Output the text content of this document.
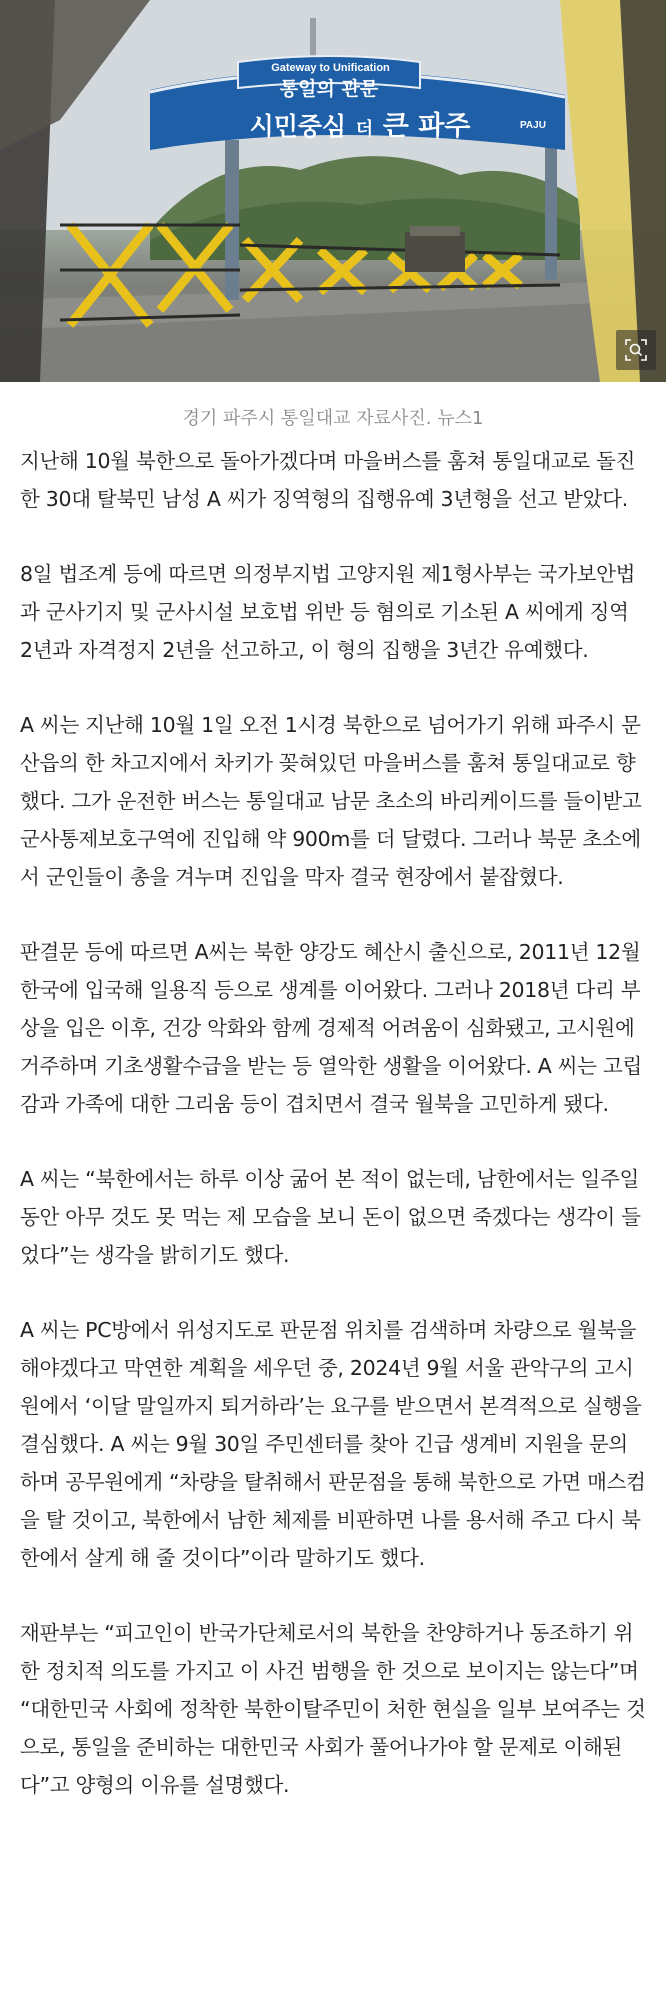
Gateway to Unification
통일의 관문
시민중심 더 큰 파주	PAJU
경기 파주시 통일대교 자료사진. 뉴스1

지난해 10월 북한으로 돌아가겠다며 마을버스를 훔쳐 통일대교로 돌진한 30대 탈북민 남성 A 씨가 징역형의 집행유예 3년형을 선고 받았다.

8일 법조계 등에 따르면 의정부지법 고양지원 제1형사부는 국가보안법과 군사기지 및 군사시설 보호법 위반 등 혐의로 기소된 A 씨에게 징역 2년과 자격정지 2년을 선고하고, 이 형의 집행을 3년간 유예했다.

A 씨는 지난해 10월 1일 오전 1시경 북한으로 넘어가기 위해 파주시 문산읍의 한 차고지에서 차키가 꽂혀있던 마을버스를 훔쳐 통일대교로 향했다. 그가 운전한 버스는 통일대교 남문 초소의 바리케이드를 들이받고 군사통제보호구역에 진입해 약 900m를 더 달렸다. 그러나 북문 초소에서 군인들이 총을 겨누며 진입을 막자 결국 현장에서 붙잡혔다.

판결문 등에 따르면 A씨는 북한 양강도 혜산시 출신으로, 2011년 12월 한국에 입국해 일용직 등으로 생계를 이어왔다. 그러나 2018년 다리 부상을 입은 이후, 건강 악화와 함께 경제적 어려움이 심화됐고, 고시원에 거주하며 기초생활수급을 받는 등 열악한 생활을 이어왔다. A 씨는 고립감과 가족에 대한 그리움 등이 겹치면서 결국 월북을 고민하게 됐다.

A 씨는 “북한에서는 하루 이상 굶어 본 적이 없는데, 남한에서는 일주일 동안 아무 것도 못 먹는 제 모습을 보니 돈이 없으면 죽겠다는 생각이 들었다”는 생각을 밝히기도 했다.

A 씨는 PC방에서 위성지도로 판문점 위치를 검색하며 차량으로 월북을 해야겠다고 막연한 계획을 세우던 중, 2024년 9월 서울 관악구의 고시원에서 ‘이달 말일까지 퇴거하라’는 요구를 받으면서 본격적으로 실행을 결심했다. A 씨는 9월 30일 주민센터를 찾아 긴급 생계비 지원을 문의하며 공무원에게 “차량을 탈취해서 판문점을 통해 북한으로 가면 매스컴을 탈 것이고, 북한에서 남한 체제를 비판하면 나를 용서해 주고 다시 북한에서 살게 해 줄 것이다”이라 말하기도 했다.

재판부는 “피고인이 반국가단체로서의 북한을 찬양하거나 동조하기 위한 정치적 의도를 가지고 이 사건 범행을 한 것으로 보이지는 않는다”며 “대한민국 사회에 정착한 북한이탈주민이 처한 현실을 일부 보여주는 것으로, 통일을 준비하는 대한민국 사회가 풀어나가야 할 문제로 이해된다”고 양형의 이유를 설명했다.
